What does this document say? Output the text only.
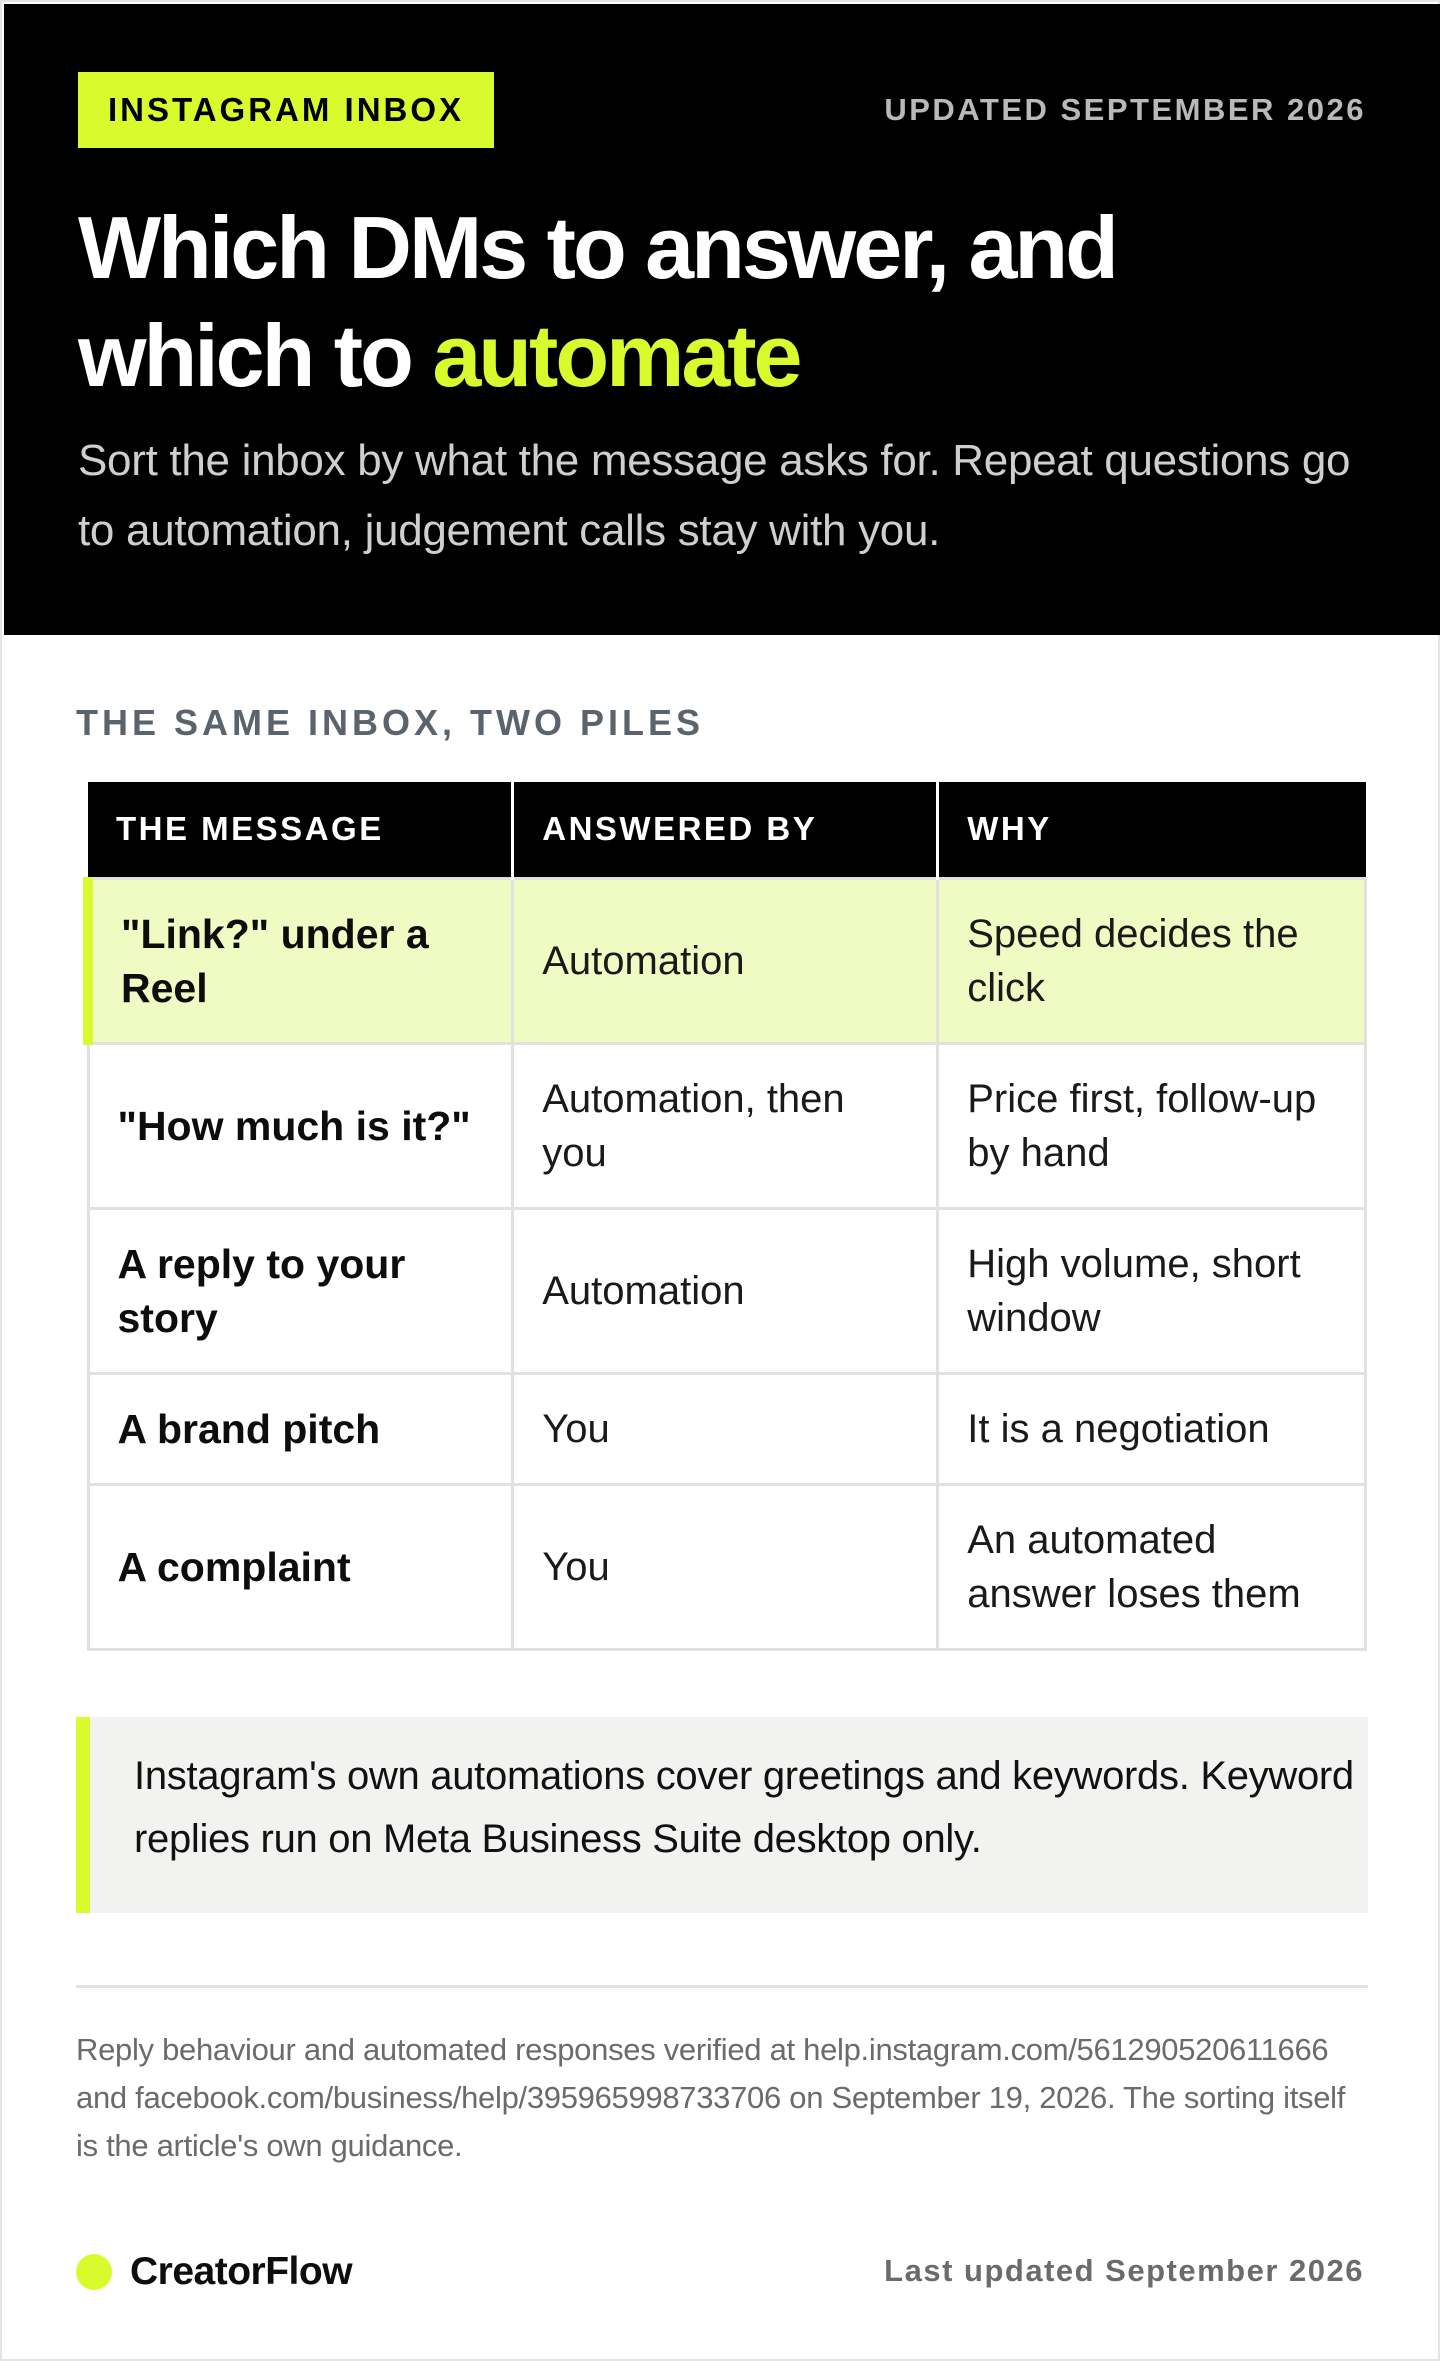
INSTAGRAM INBOX	UPDATED SEPTEMBER 2026
Which DMs to answer, and which to automate

Sort the inbox by what the message asks for. Repeat questions go to automation, judgement calls stay with you.

THE SAME INBOX, TWO PILES
THE MESSAGE	ANSWERED BY	WHY
"Link?" under a Reel	Automation	Speed decides the click
"How much is it?"	Automation, then you	Price first, follow-up by hand
A reply to your story	Automation	High volume, short window
A brand pitch	You	It is a negotiation
A complaint	You	An automated answer loses them
Instagram's own automations cover greetings and keywords. Keyword replies run on Meta Business Suite desktop only.

Reply behaviour and automated responses verified at help.instagram.com/561290520611666 and facebook.com/business/help/395965998733706 on September 19, 2026. The sorting itself is the article's own guidance.

CreatorFlow	Last updated September 2026
